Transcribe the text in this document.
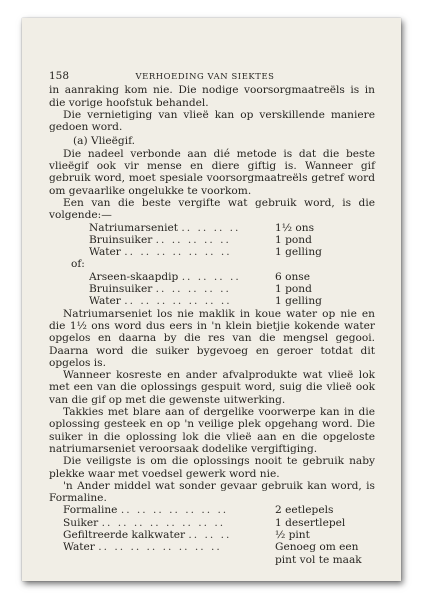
158	VERHOEDING VAN SIEKTES

in aanraking kom nie. Die nodige voorsorgmaatreëls is in die vorige hoofstuk behandel.

Die vernietiging van vlieë kan op verskillende maniere gedoen word.

(a) Vlieëgif.

Die nadeel verbonde aan dié metode is dat die beste vlieëgif ook vir mense en diere giftig is. Wanneer gif gebruik word, moet spesiale voorsorgmaatreëls getref word om gevaarlike ongelukke te voorkom.

Een van die beste vergifte wat gebruik word, is die volgende:—

Natriumarseniet .. .. .. ..	1½ ons
Bruinsuiker .. .. .. .. ..	1 pond
Water .. .. .. .. .. .. ..	1 gelling

of:

Arseen-skaapdip .. .. .. ..	6 onse
Bruinsuiker .. .. .. .. ..	1 pond
Water .. .. .. .. .. .. ..	1 gelling

Natriumarseniet los nie maklik in koue water op nie en die 1½ ons word dus eers in 'n klein bietjie kokende water opgelos en daarna by die res van die mengsel gegooi. Daarna word die suiker bygevoeg en geroer totdat dit opgelos is.

Wanneer kosreste en ander afvalprodukte wat vlieë lok met een van die oplossings gespuit word, suig die vlieë ook van die gif op met die gewenste uitwerking.

Takkies met blare aan of dergelike voorwerpe kan in die oplossing gesteek en op 'n veilige plek opgehang word. Die suiker in die oplossing lok die vlieë aan en die opgeloste natriumarseniet veroorsaak dodelike vergiftiging.

Die veiligste is om die oplossings nooit te gebruik naby plekke waar met voedsel gewerk word nie.

'n Ander middel wat sonder gevaar gebruik kan word, is Formaline.

Formaline .. .. .. .. .. .. ..	2 eetlepels
Suiker .. .. .. .. .. .. .. ..	1 desertlepel
Gefiltreerde kalkwater .. .. ..	½ pint
Water .. .. .. .. .. .. .. ..	Genoeg om een
pint vol te maak
